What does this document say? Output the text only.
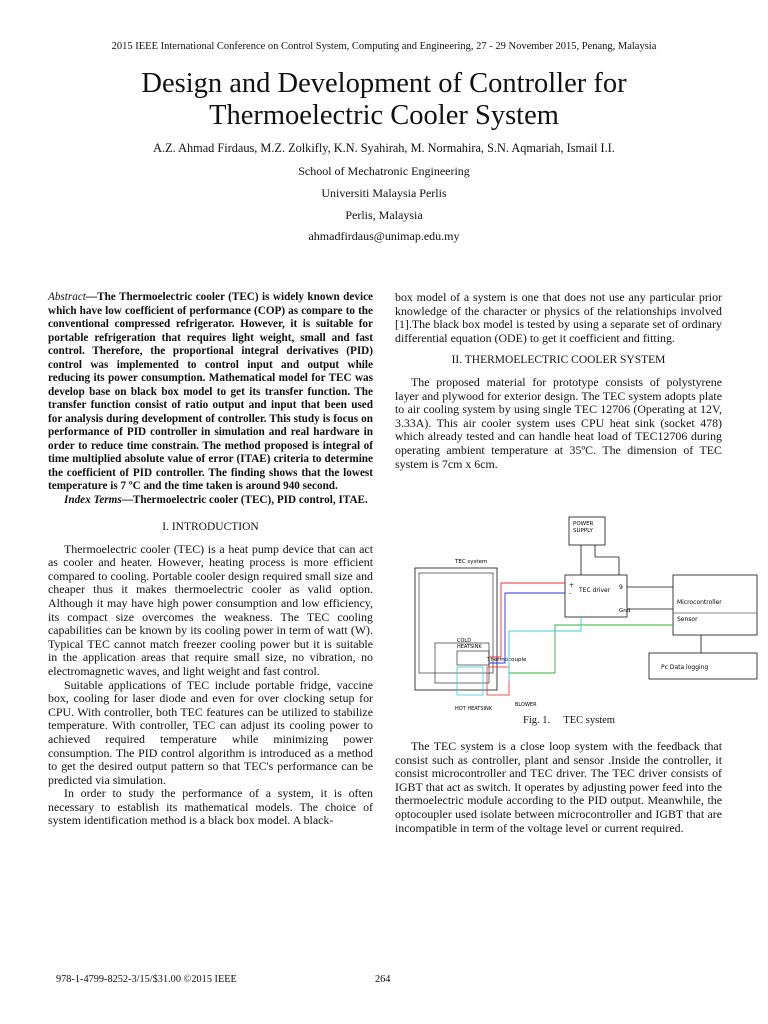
2015 IEEE International Conference on Control System, Computing and Engineering, 27 - 29 November 2015, Penang, Malaysia
Design and Development of Controller for
Thermoelectric Cooler System
A.Z. Ahmad Firdaus, M.Z. Zolkifly, K.N. Syahirah, M. Normahira, S.N. Aqmariah, Ismail I.I.
School of Mechatronic Engineering
Universiti Malaysia Perlis
Perlis, Malaysia
ahmadfirdaus@unimap.edu.my

Abstract—The Thermoelectric cooler (TEC) is widely known device which have low coefficient of performance (COP) as compare to the conventional compressed refrigerator. However, it is suitable for portable refrigeration that requires light weight, small and fast control. Therefore, the proportional integral derivatives (PID) control was implemented to control input and output while reducing its power consumption. Mathematical model for TEC was develop base on black box model to get its transfer function. The transfer function consist of ratio output and input that been used for analysis during development of controller. This study is focus on performance of PID controller in simulation and real hardware in order to reduce time constrain. The method proposed is integral of time multiplied absolute value of error (ITAE) criteria to determine the coefficient of PID controller. The finding shows that the lowest temperature is 7 ºC and the time taken is around 940 second.

Index Terms—Thermoelectric cooler (TEC), PID control, ITAE.

I. INTRODUCTION

Thermoelectric cooler (TEC) is a heat pump device that can act as cooler and heater. However, heating process is more efficient compared to cooling. Portable cooler design required small size and cheaper thus it makes thermoelectric cooler as valid option. Although it may have high power consumption and low efficiency, its compact size overcomes the weakness. The TEC cooling capabilities can be known by its cooling power in term of watt (W). Typical TEC cannot match freezer cooling power but it is suitable in the application areas that require small size, no vibration, no electromagnetic waves, and light weight and fast control.

Suitable applications of TEC include portable fridge, vaccine box, cooling for laser diode and even for over clocking setup for CPU. With controller, both TEC features can be utilized to stabilize temperature. With controller, TEC can adjust its cooling power to achieved required temperature while minimizing power consumption. The PID control algorithm is introduced as a method to get the desired output pattern so that TEC's performance can be predicted via simulation.

In order to study the performance of a system, it is often necessary to establish its mathematical models. The choice of system identification method is a black box model. A black-

box model of a system is one that does not use any particular prior knowledge of the character or physics of the relationships involved [1].The black box model is tested by using a separate set of ordinary differential equation (ODE) to get it coefficient and fitting.

II. THERMOELECTRIC COOLER SYSTEM

The proposed material for prototype consists of polystyrene layer and plywood for exterior design. The TEC system adopts plate to air cooling system by using single TEC 12706 (Operating at 12V, 3.33A). This air cooler system uses CPU heat sink (socket 478) which already tested and can handle heat load of TEC12706 during operating ambient temperature at 35ºC. The dimension of TEC system is 7cm x 6cm.

POWER
SUPPLY
TEC system
COLD
HEATSINK
Thermocouple
HOT HEATSINK
BLOWER
TEC driver
+
-
9
Gnd
Microcontroller
Sensor
Pc Data logging
Fig. 1. TEC system

The TEC system is a close loop system with the feedback that consist such as controller, plant and sensor .Inside the controller, it consist microcontroller and TEC driver. The TEC driver consists of IGBT that act as switch. It operates by adjusting power feed into the thermoelectric module according to the PID output. Meanwhile, the optocoupler used isolate between microcontroller and IGBT that are incompatible in term of the voltage level or current required.

978-1-4799-8252-3/15/$31.00 ©2015 IEEE	264
